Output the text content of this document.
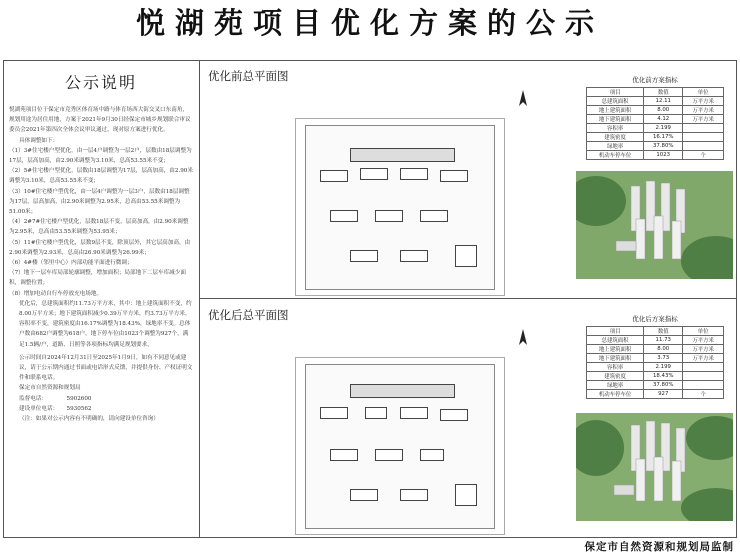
悦湖苑项目优化方案的公示
公示说明

悦湖苑项目位于保定市竞秀区体育场中路与体育场西大街交叉口东南角，规划用途为居住用地，方案于2021年9月30日经保定市城乡规划联合审议委员会2021年第四次全体会议审议通过，现对原方案进行优化。

具体调整如下：

（1）3#住宅楼户型优化，由一层4户调整为一层2户，层数由18层调整为17层，层高加高，由2.90米调整为3.10米，总高53.55米不变；

（2）5#住宅楼户型优化，层数由18层调整为17层，层高加高，由2.90米调整为3.10米，总高53.55米不变；

（3）10#住宅楼户型优化，由一层4户调整为一层3户，层数由18层调整为17层，层高加高，由2.90米调整为2.95米，总高由53.55米调整为51.00米；

（4）2#7#住宅楼户型优化，层数18层不变，层高加高，由2.90米调整为2.95米，总高由53.55米调整为53.95米；

（5）11#住宅楼户型优化，层数9层不变，除顶层外，其它层高加高，由2.90米调整为2.93米，总高由26.90米调整为26.99米；

（6）4#楼（邻里中心）内部功能平面进行微调；

（7）地下一层车库局部轮廓调整，增加面积；局部地下二层车库减少面积，调整位置；

（8）增加电动自行车停放充电场地。

优化后，总建筑面积约11.73万平方米，其中：地上建筑面积不变，约8.00万平方米；地下建筑面积减少0.39万平方米，约3.73万平方米。容积率不变，建筑密度由16.17%调整为18.43%，绿地率不变。总体户数由682户调整为618户，地下停车位由1023个调整为927个，满足1.5辆/户，道路、日照等各项指标均满足规划要求。

公示时间自2024年12月31日至2025年1月9日，如有不同意见或建议，请于公示期内通过书面或电话形式反馈，并提供身份、产权证明文件和联系电话。

保定市自然资源和规划局

监督电话：　　　　5902600

建设单位电话：　　5930562

（注：如果对公示内容有不明确的，请向建设单位咨询）

优化前总平面图
优化后总平面图
优化前方案指标
项目	数值	单位
总建筑面积	12.11	万平方米
地上建筑面积	8.00	万平方米
地下建筑面积	4.12	万平方米
容积率	2.199	
建筑密度	16.17%	
绿地率	37.80%	
机动车停车位	1023	个
优化后方案指标
项目	数值	单位
总建筑面积	11.73	万平方米
地上建筑面积	8.00	万平方米
地下建筑面积	3.73	万平方米
容积率	2.199	
建筑密度	18.43%	
绿地率	37.80%	
机动车停车位	927	个
保定市自然资源和规划局监制
